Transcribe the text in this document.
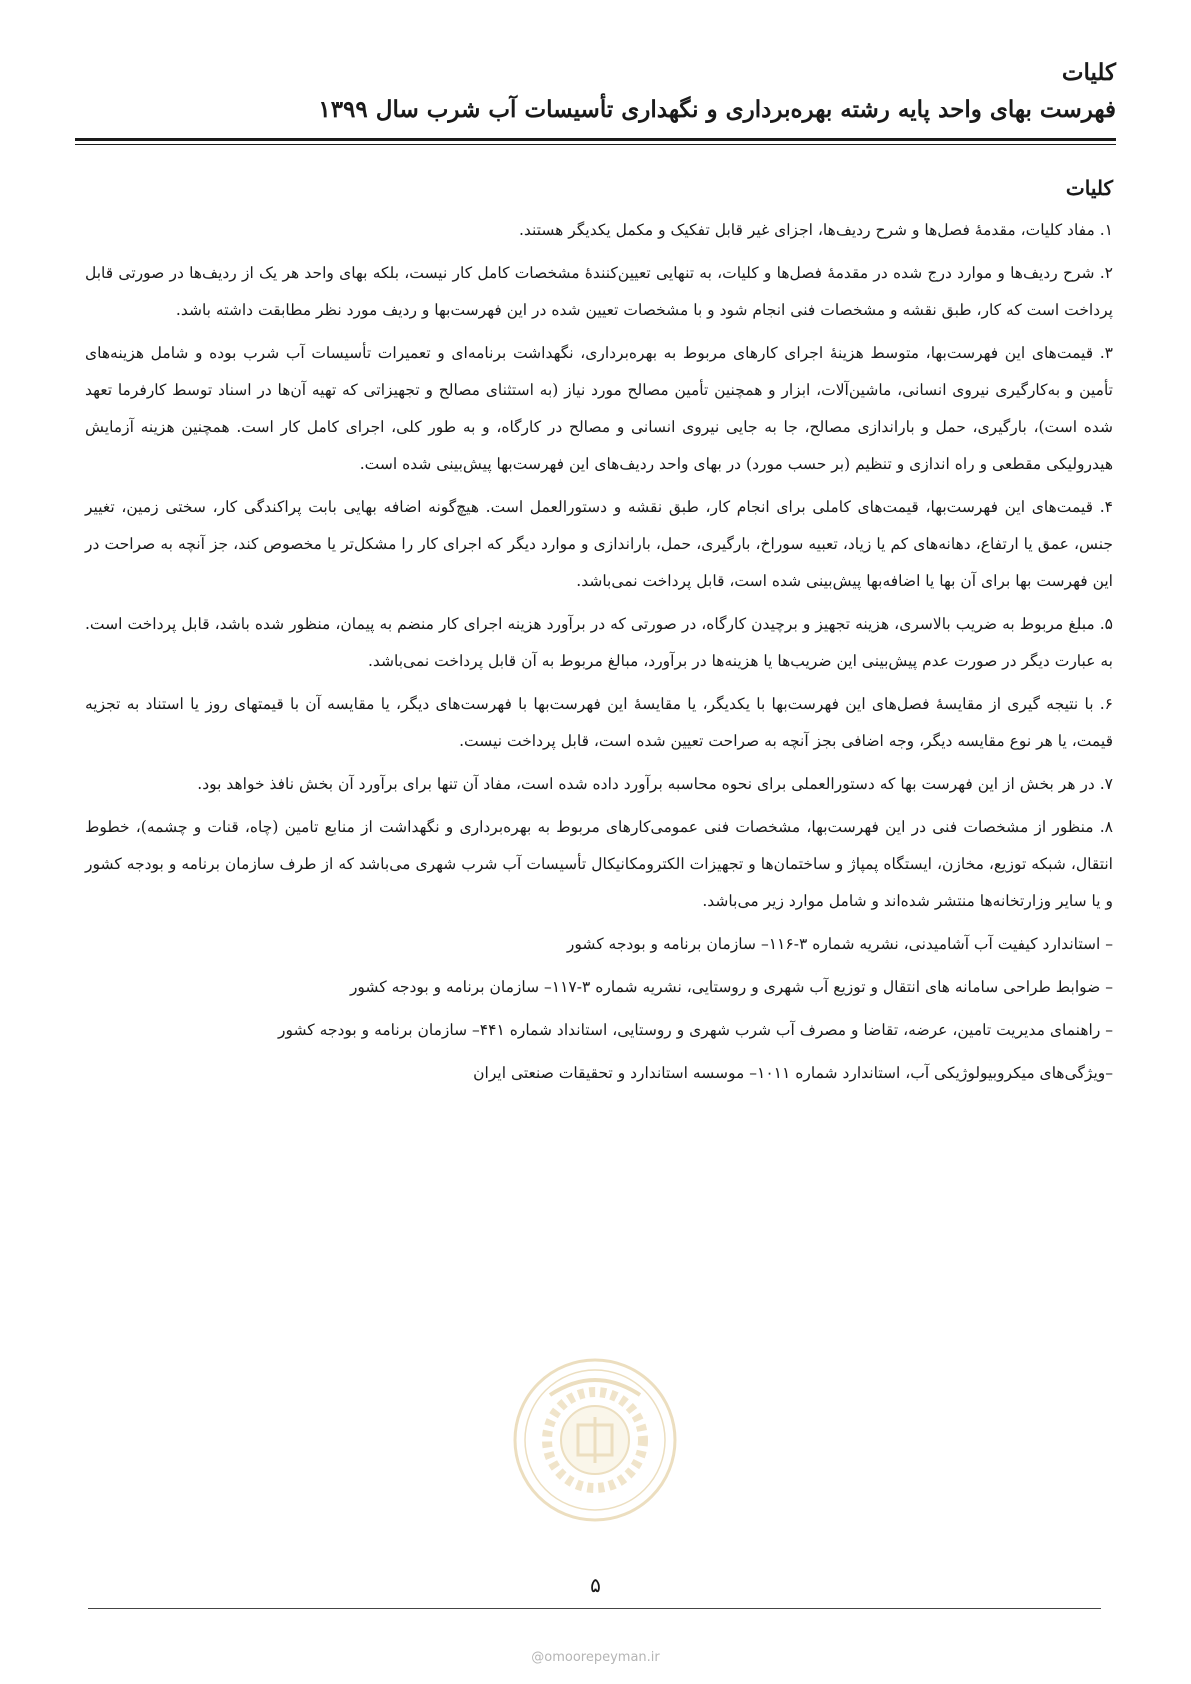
کلیات
فهرست بهای واحد پایه رشته بهره‌برداری و نگهداری تأسیسات آب شرب سال ۱۳۹۹
کلیات

۱. مفاد کلیات، مقدمهٔ فصل‌ها و شرح ردیف‌ها، اجزای غیر قابل تفکیک و مکمل یکدیگر هستند.

۲. شرح ردیف‌ها و موارد درج شده در مقدمهٔ فصل‌ها و کلیات، به تنهایی تعیین‌کنندهٔ مشخصات کامل کار نیست، بلکه بهای واحد هر یک از ردیف‌ها در صورتی قابل پرداخت است که کار، طبق نقشه و مشخصات فنی انجام شود و با مشخصات تعیین شده در این فهرست‌بها و ردیف مورد نظر مطابقت داشته باشد.

۳. قیمت‌های این فهرست‌بها، متوسط هزینهٔ اجرای کارهای مربوط به بهره‌برداری، نگهداشت برنامه‌ای و تعمیرات تأسیسات آب شرب بوده و شامل هزینه‌های تأمین و به‌کارگیری نیروی انسانی، ماشین‌آلات، ابزار و همچنین تأمین مصالح مورد نیاز (به استثنای مصالح و تجهیزاتی که تهیه آن‌ها در اسناد توسط کارفرما تعهد شده است)، بارگیری، حمل و باراندازی مصالح، جا به جایی نیروی انسانی و مصالح در کارگاه، و به طور کلی، اجرای کامل کار است. همچنین هزینه آزمایش هیدرولیکی مقطعی و راه اندازی و تنظیم (بر حسب مورد) در بهای واحد ردیف‌های این فهرست‌بها پیش‌بینی شده است.

۴. قیمت‌های این فهرست‌بها، قیمت‌های کاملی برای انجام کار، طبق نقشه و دستورالعمل است. هیچ‌گونه اضافه بهایی بابت پراکندگی کار، سختی زمین، تغییر جنس، عمق یا ارتفاع، دهانه‌های کم یا زیاد، تعبیه سوراخ، بارگیری، حمل، باراندازی و موارد دیگر که اجرای کار را مشکل‌تر یا مخصوص کند، جز آنچه به صراحت در این فهرست بها برای آن بها یا اضافه‌بها پیش‌بینی شده است، قابل پرداخت نمی‌باشد.

۵. مبلغ مربوط به ضریب بالاسری، هزینه تجهیز و برچیدن کارگاه، در صورتی که در برآورد هزینه اجرای کار منضم به پیمان، منظور شده باشد، قابل پرداخت است. به عبارت دیگر در صورت عدم پیش‌بینی این ضریب‌ها یا هزینه‌ها در برآورد، مبالغ مربوط به آن قابل پرداخت نمی‌باشد.

۶. با نتیجه گیری از مقایسهٔ فصل‌های این فهرست‌بها با یکدیگر، یا مقایسهٔ این فهرست‌بها با فهرست‌های دیگر، یا مقایسه آن با قیمتهای روز یا استناد به تجزیه قیمت، یا هر نوع مقایسه دیگر، وجه اضافی بجز آنچه به صراحت تعیین شده است، قابل پرداخت نیست.

۷. در هر بخش از این فهرست بها که دستورالعملی برای نحوه محاسبه برآورد داده شده است، مفاد آن تنها برای برآورد آن بخش نافذ خواهد بود.

۸. منظور از مشخصات فنی در این فهرست‌بها، مشخصات فنی عمومی‌کارهای مربوط به بهره‌برداری و نگهداشت از منابع تامین (چاه، قنات و چشمه)، خطوط انتقال، شبکه توزیع، مخازن، ایستگاه پمپاژ و ساختمان‌ها و تجهیزات الکترومکانیکال تأسیسات آب شرب شهری می‌باشد که از طرف سازمان برنامه و بودجه کشور و یا سایر وزارتخانه‌ها منتشر شده‌اند و شامل موارد زیر می‌باشد.

– استاندارد کیفیت آب آشامیدنی، نشریه شماره ۳-۱۱۶– سازمان برنامه و بودجه کشور

– ضوابط طراحی سامانه های انتقال و توزیع آب شهری و روستایی، نشریه شماره ۳-۱۱۷– سازمان برنامه و بودجه کشور

– راهنمای مدیریت تامین، عرضه، تقاضا و مصرف آب شرب شهری و روستایی، استانداد شماره ۴۴۱– سازمان برنامه و بودجه کشور

–ویژگی‌های میکروبیولوژیکی آب، استاندارد شماره ۱۰۱۱– موسسه استاندارد و تحقیقات صنعتی ایران

۵
@omoorepeyman.ir
